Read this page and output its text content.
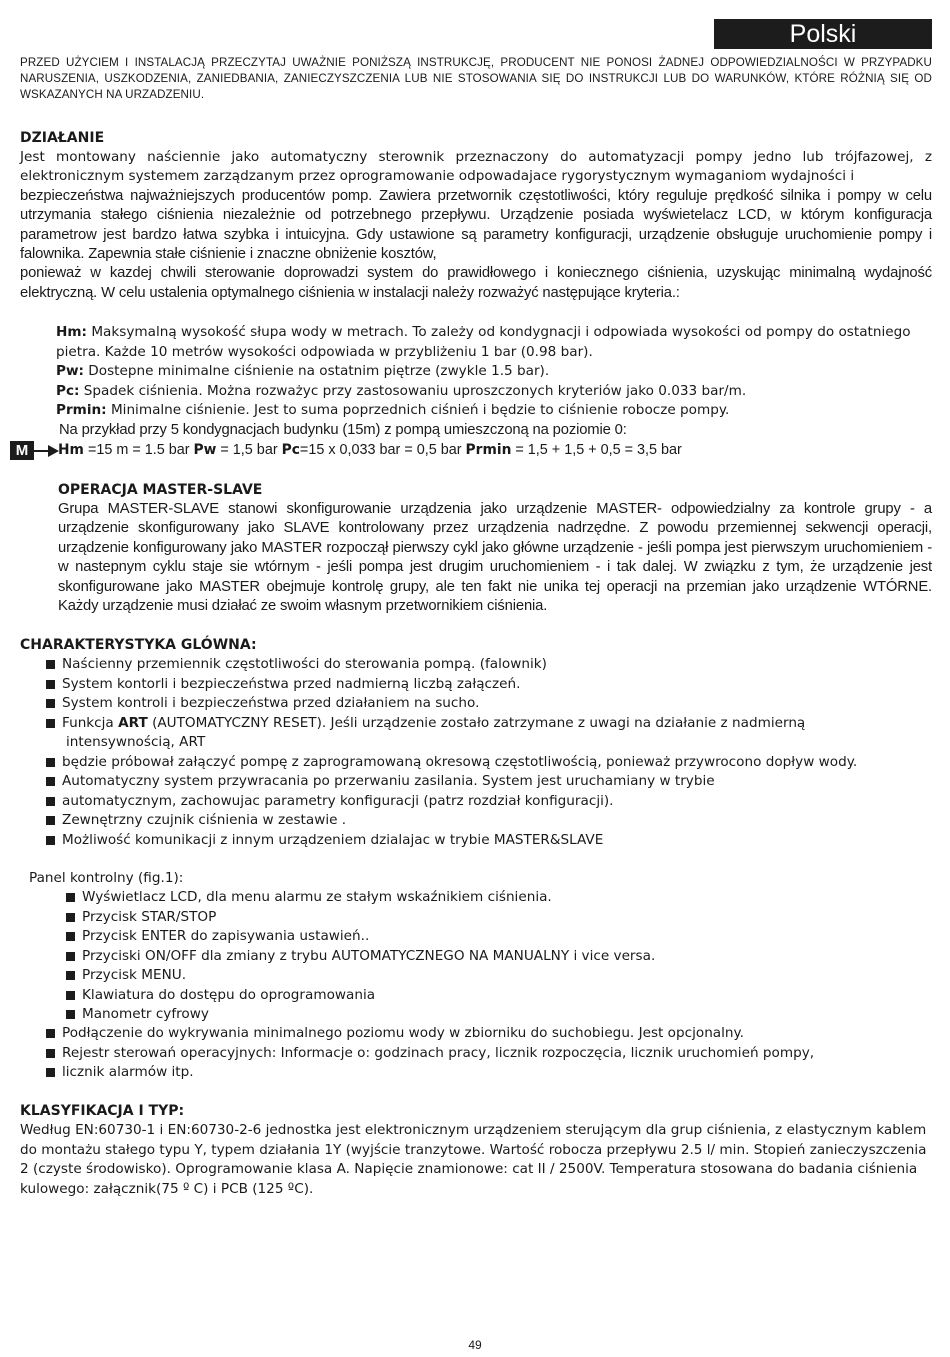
Polski
PRZED UŻYCIEM I INSTALACJĄ PRZECZYTAJ UWAŻNIE PONIŻSZĄ INSTRUKCJĘ, PRODUCENT NIE PONOSI ŻADNEJ ODPOWIEDZIALNOŚCI W PRZYPADKU NARUSZENIA, USZKODZENIA, ZANIEDBANIA, ZANIECZYSZCZENIA LUB NIE STOSOWANIA SIĘ DO INSTRUKCJI LUB DO WARUNKÓW, KTÓRE RÓŻNIĄ SIĘ OD WSKAZANYCH NA URZADZENIU.
DZIAŁANIE
Jest montowany naściennie jako automatyczny sterownik przeznaczony do automatyzacji pompy jedno lub trójfazowej, z elektronicznym systemem zarządzanym przez oprogramowanie odpowadajace rygorystycznym wymaganiom wydajności i
bezpieczeństwa najważniejszych producentów pomp. Zawiera przetwornik częstotliwości, który reguluje prędkość silnika i pompy w celu utrzymania stałego ciśnienia niezależnie od potrzebnego przepływu. Urządzenie posiada wyświetelacz LCD, w którym konfiguracja parametrow jest bardzo łatwa szybka i intuicyjna. Gdy ustawione są parametry konfiguracji, urządzenie obsługuje uruchomienie pompy i falownika. Zapewnia stałe ciśnienie i znaczne obniżenie kosztów,
ponieważ w kazdej chwili sterowanie doprowadzi system do prawidłowego i koniecznego ciśnienia, uzyskując minimalną wydajność elektryczną. W celu ustalenia optymalnego ciśnienia w instalacji należy rozważyć następujące kryteria.:
Hm: Maksymalną wysokość słupa wody w metrach. To zależy od kondygnacji i odpowiada wysokości od pompy do ostatniego pietra. Każde 10 metrów wysokości odpowiada w przybliżeniu 1 bar (0.98 bar).
Pw: Dostepne minimalne ciśnienie na ostatnim piętrze (zwykle 1.5 bar).
Pc: Spadek ciśnienia. Można rozważyc przy zastosowaniu uproszczonych kryteriów jako 0.033 bar/m.
Prmin: Minimalne ciśnienie. Jest to suma poprzednich ciśnień i będzie to ciśnienie robocze pompy.
Na przykład przy 5 kondygnacjach budynku (15m) z pompą umieszczoną na poziomie 0:
M	Hm =15 m = 1.5 bar Pw = 1,5 bar Pc=15 x 0,033 bar = 0,5 bar Prmin = 1,5 + 1,5 + 0,5 = 3,5 bar
OPERACJA MASTER-SLAVE
Grupa MASTER-SLAVE stanowi skonfigurowanie urządzenia jako urządzenie MASTER- odpowiedzialny za kontrole grupy - a urządzenie skonfigurowany jako SLAVE kontrolowany przez urządzenia nadrzędne. Z powodu przemiennej sekwencji operacji, urządzenie konfigurowany jako MASTER rozpoczął pierwszy cykl jako główne urządzenie - jeśli pompa jest pierwszym uruchomieniem - w nastepnym cyklu staje sie wtórnym - jeśli pompa jest drugim uruchomieniem - i tak dalej. W związku z tym, że urządzenie jest skonfigurowane jako MASTER obejmuje kontrolę grupy, ale ten fakt nie unika tej operacji na przemian jako urządzenie WTÓRNE. Każdy urządzenie musi działać ze swoim własnym przetwornikiem ciśnienia.
CHARAKTERYSTYKA GLÓWNA:
Naścienny przemiennik częstotliwości do sterowania pompą. (falownik)
System kontorli i bezpieczeństwa przed nadmierną liczbą załączeń.
System kontroli i bezpieczeństwa przed działaniem na sucho.
Funkcja ART (AUTOMATYCZNY RESET). Jeśli urządzenie zostało zatrzymane z uwagi na działanie z nadmierną
intensywnością, ART
będzie próbował załączyć pompę z zaprogramowaną okresową częstotliwością, ponieważ przywrocono dopływ wody.
Automatyczny system przywracania po przerwaniu zasilania. System jest uruchamiany w trybie
automatycznym, zachowujac parametry konfiguracji (patrz rozdział konfiguracji).
Zewnętrzny czujnik ciśnienia w zestawie .
Możliwość komunikacji z innym urządzeniem dzialajac w trybie MASTER&SLAVE
Panel kontrolny (fig.1):
Wyświetlacz LCD, dla menu alarmu ze stałym wskaźnikiem ciśnienia.
Przycisk STAR/STOP
Przycisk ENTER do zapisywania ustawień..
Przyciski ON/OFF dla zmiany z trybu AUTOMATYCZNEGO NA MANUALNY i vice versa.
Przycisk MENU.
Klawiatura do dostępu do oprogramowania
Manometr cyfrowy
Podłączenie do wykrywania minimalnego poziomu wody w zbiorniku do suchobiegu. Jest opcjonalny.
Rejestr sterowań operacyjnych: Informacje o: godzinach pracy, licznik rozpoczęcia, licznik uruchomień pompy,
licznik alarmów itp.
KLASYFIKACJA I TYP:
Według EN:60730-1 i EN:60730-2-6 jednostka jest elektronicznym urządzeniem sterującym dla grup ciśnienia, z elastycznym kablem do montażu stałego typu Y, typem działania 1Y (wyjście tranzytowe. Wartość robocza przepływu 2.5 l/ min. Stopień zanieczyszczenia 2 (czyste środowisko). Oprogramowanie klasa A. Napięcie znamionowe: cat II / 2500V. Temperatura stosowana do badania ciśnienia kulowego: załącznik(75 º C) i PCB (125 ºC).
49
